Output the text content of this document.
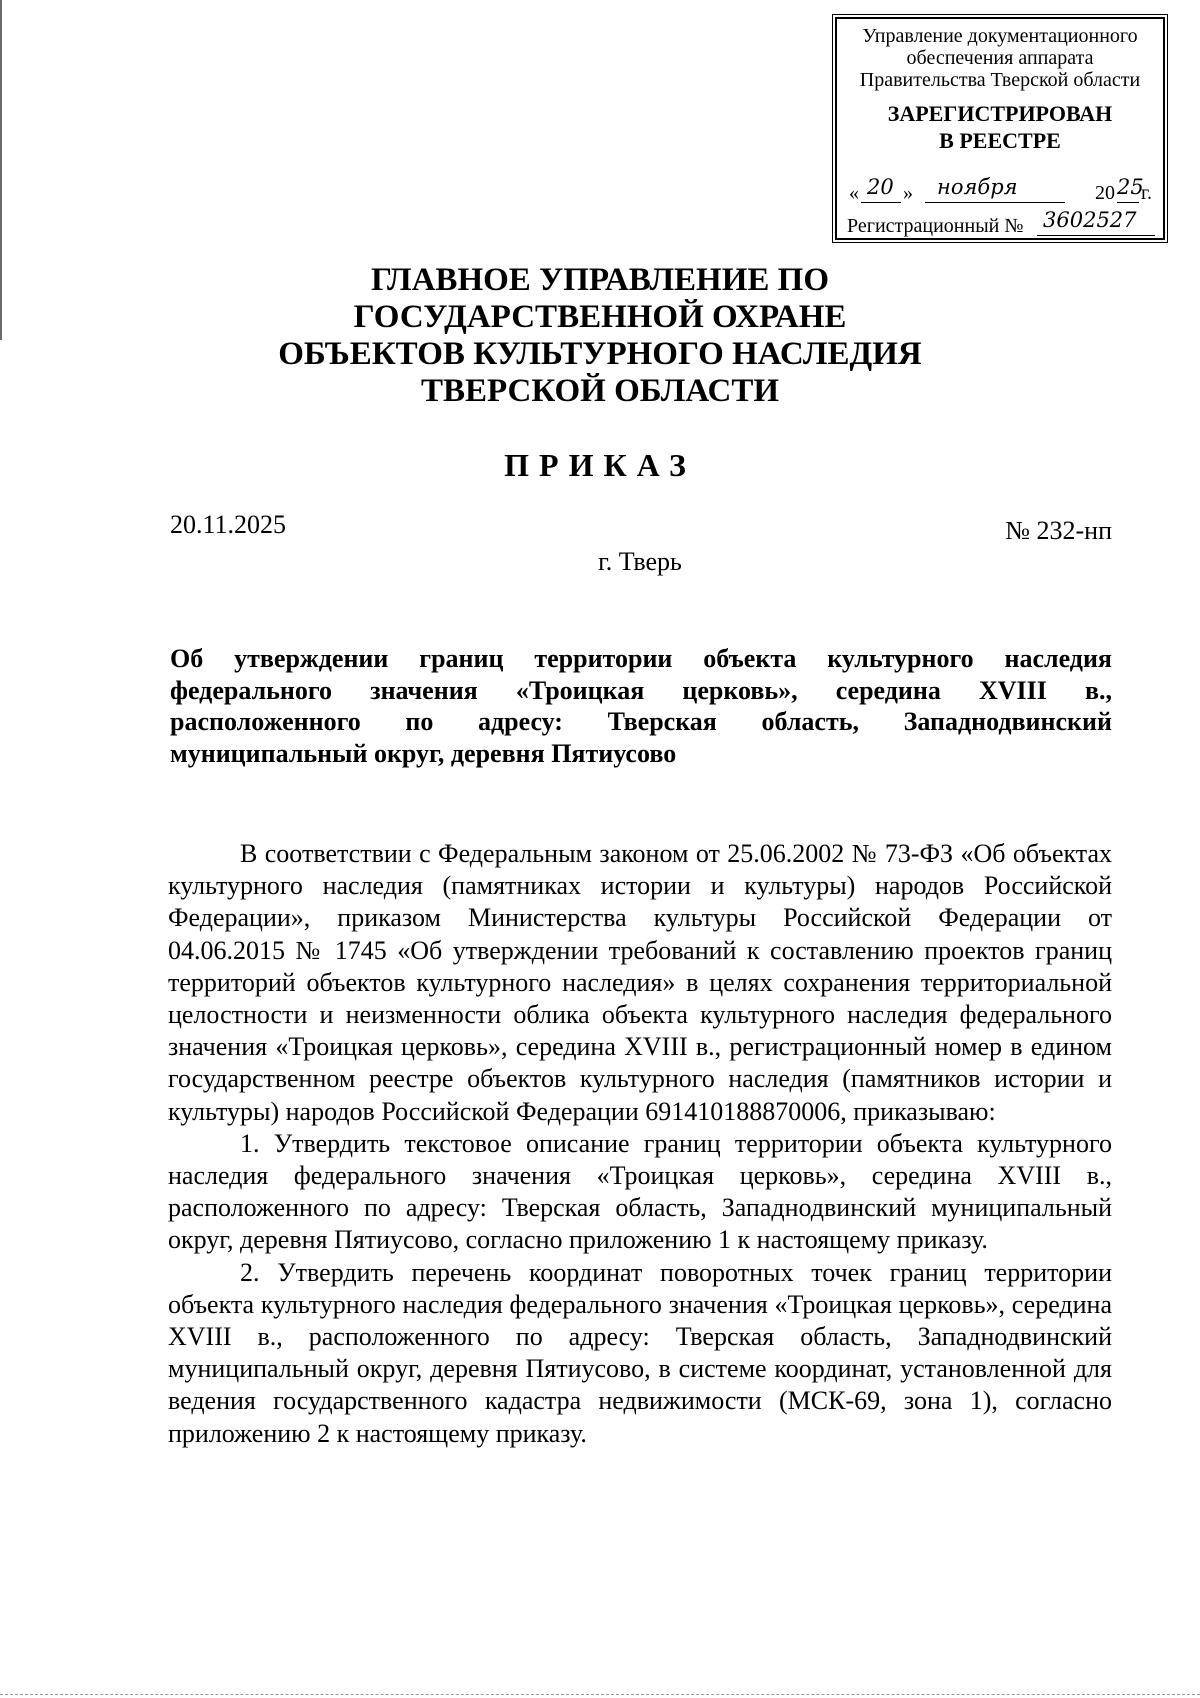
Управление документационного
обеспечения аппарата
Правительства Тверской области
ЗАРЕГИСТРИРОВАН
В РЕЕСТРЕ
« 20 » ноября	20 25
г.
Регистрационный № 3602527
ГЛАВНОЕ УПРАВЛЕНИЕ ПО
ГОСУДАРСТВЕННОЙ ОХРАНЕ
ОБЪЕКТОВ КУЛЬТУРНОГО НАСЛЕДИЯ
ТВЕРСКОЙ ОБЛАСТИ
ПРИКАЗ
20.11.2025	№ 232-нп
г. Тверь
Об утверждении границ территории объекта культурного наследия федерального значения «Троицкая церковь», середина XVIII в., расположенного по адресу: Тверская область, Западнодвинский муниципальный округ, деревня Пятиусово

В соответствии с Федеральным законом от 25.06.2002 № 73-ФЗ «Об объектах культурного наследия (памятниках истории и культуры) народов Российской Федерации», приказом Министерства культуры Российской Федерации от 04.06.2015 № 1745 «Об утверждении требований к составлению проектов границ территорий объектов культурного наследия» в целях сохранения территориальной целостности и неизменности облика объекта культурного наследия федерального значения «Троицкая церковь», середина XVIII в., регистрационный номер в едином государственном реестре объектов культурного наследия (памятников истории и культуры) народов Российской Федерации 691410188870006, приказываю:

1. Утвердить текстовое описание границ территории объекта культурного наследия федерального значения «Троицкая церковь», середина XVIII в., расположенного по адресу: Тверская область, Западнодвинский муниципальный округ, деревня Пятиусово, согласно приложению 1 к настоящему приказу.

2. Утвердить перечень координат поворотных точек границ территории объекта культурного наследия федерального значения «Троицкая церковь», середина XVIII в., расположенного по адресу: Тверская область, Западнодвинский муниципальный округ, деревня Пятиусово, в системе координат, установленной для ведения государственного кадастра недвижимости (МСК-69, зона 1), согласно приложению 2 к настоящему приказу.
